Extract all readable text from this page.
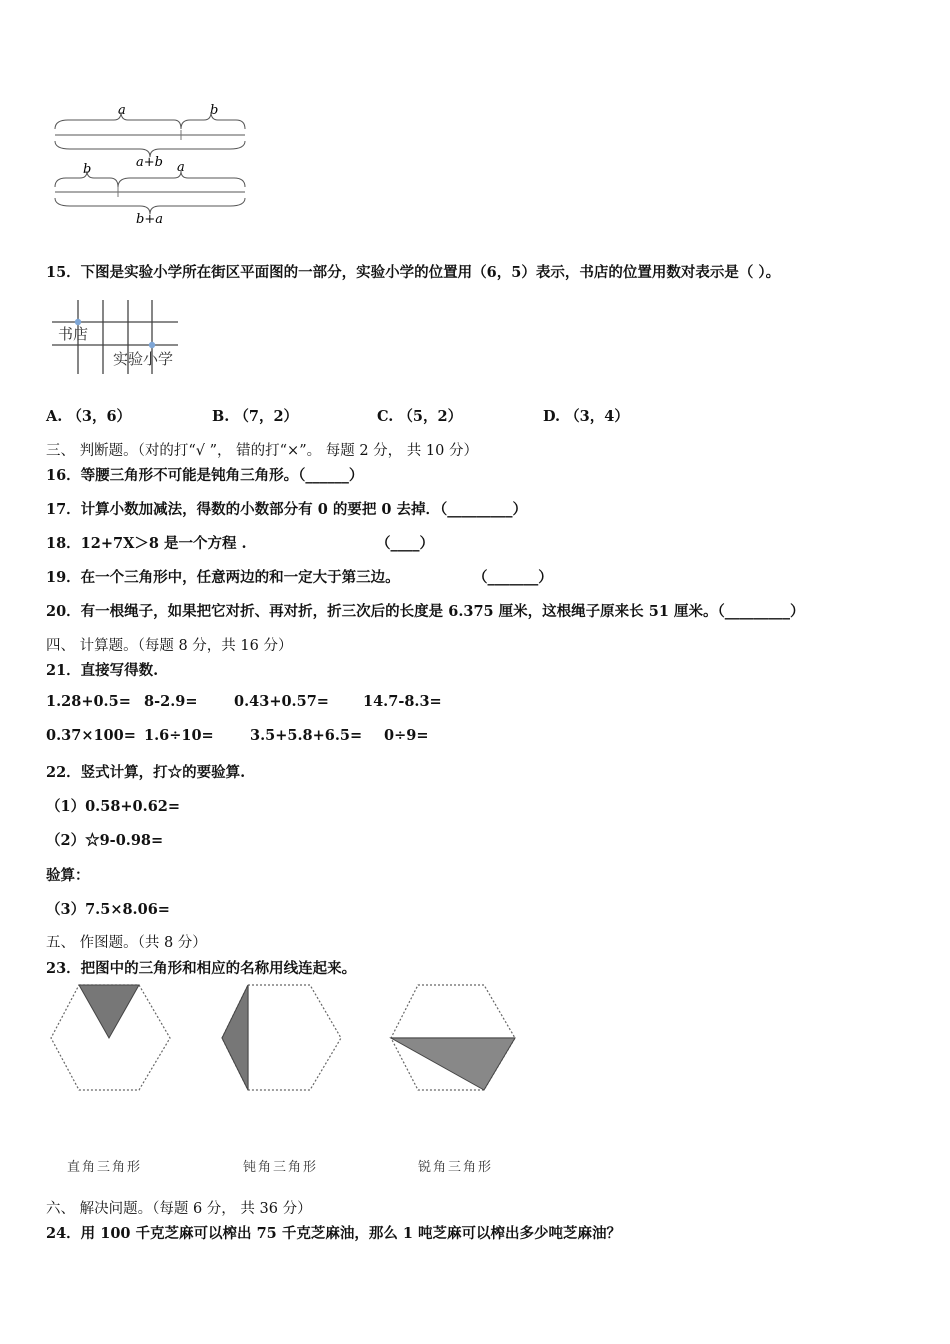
a	b
a+b
b	a
b+a
15．下图是实验小学所在街区平面图的一部分，实验小学的位置用（6，5）表示，书店的位置用数对表示是（ ）。
书店
实验小学
A. （3，6）	B. （7，2）	C. （5，2）	D. （3，4）
三、 判断题。（对的打“√ ”， 错的打“×”。 每题 2 分， 共 10 分）
16．等腰三角形不可能是钝角三角形。（______）
17．计算小数加减法，得数的小数部分有 0 的要把 0 去掉．（_________）
18．12+7X＞8 是一个方程 .	（____）
19．在一个三角形中，任意两边的和一定大于第三边。	（_______）
20．有一根绳子，如果把它对折、再对折，折三次后的长度是 6.375 厘米，这根绳子原来长 51 厘米。（_________）
四、 计算题。（每题 8 分，共 16 分）
21．直接写得数.
1.28+0.5= 8-2.9=	0.43+0.57= 14.7-8.3=
0.37×100= 1.6÷10=	3.5+5.8+6.5= 0÷9=
22．竖式计算，打☆的要验算.
（1）0.58+0.62=
（2）☆9-0.98=
验算：
（3）7.5×8.06=
五、 作图题。（共 8 分）
23．把图中的三角形和相应的名称用线连起来。
直角三角形	钝角三角形	锐角三角形
六、 解决问题。（每题 6 分， 共 36 分）
24．用 100 千克芝麻可以榨出 75 千克芝麻油，那么 1 吨芝麻可以榨出多少吨芝麻油？
